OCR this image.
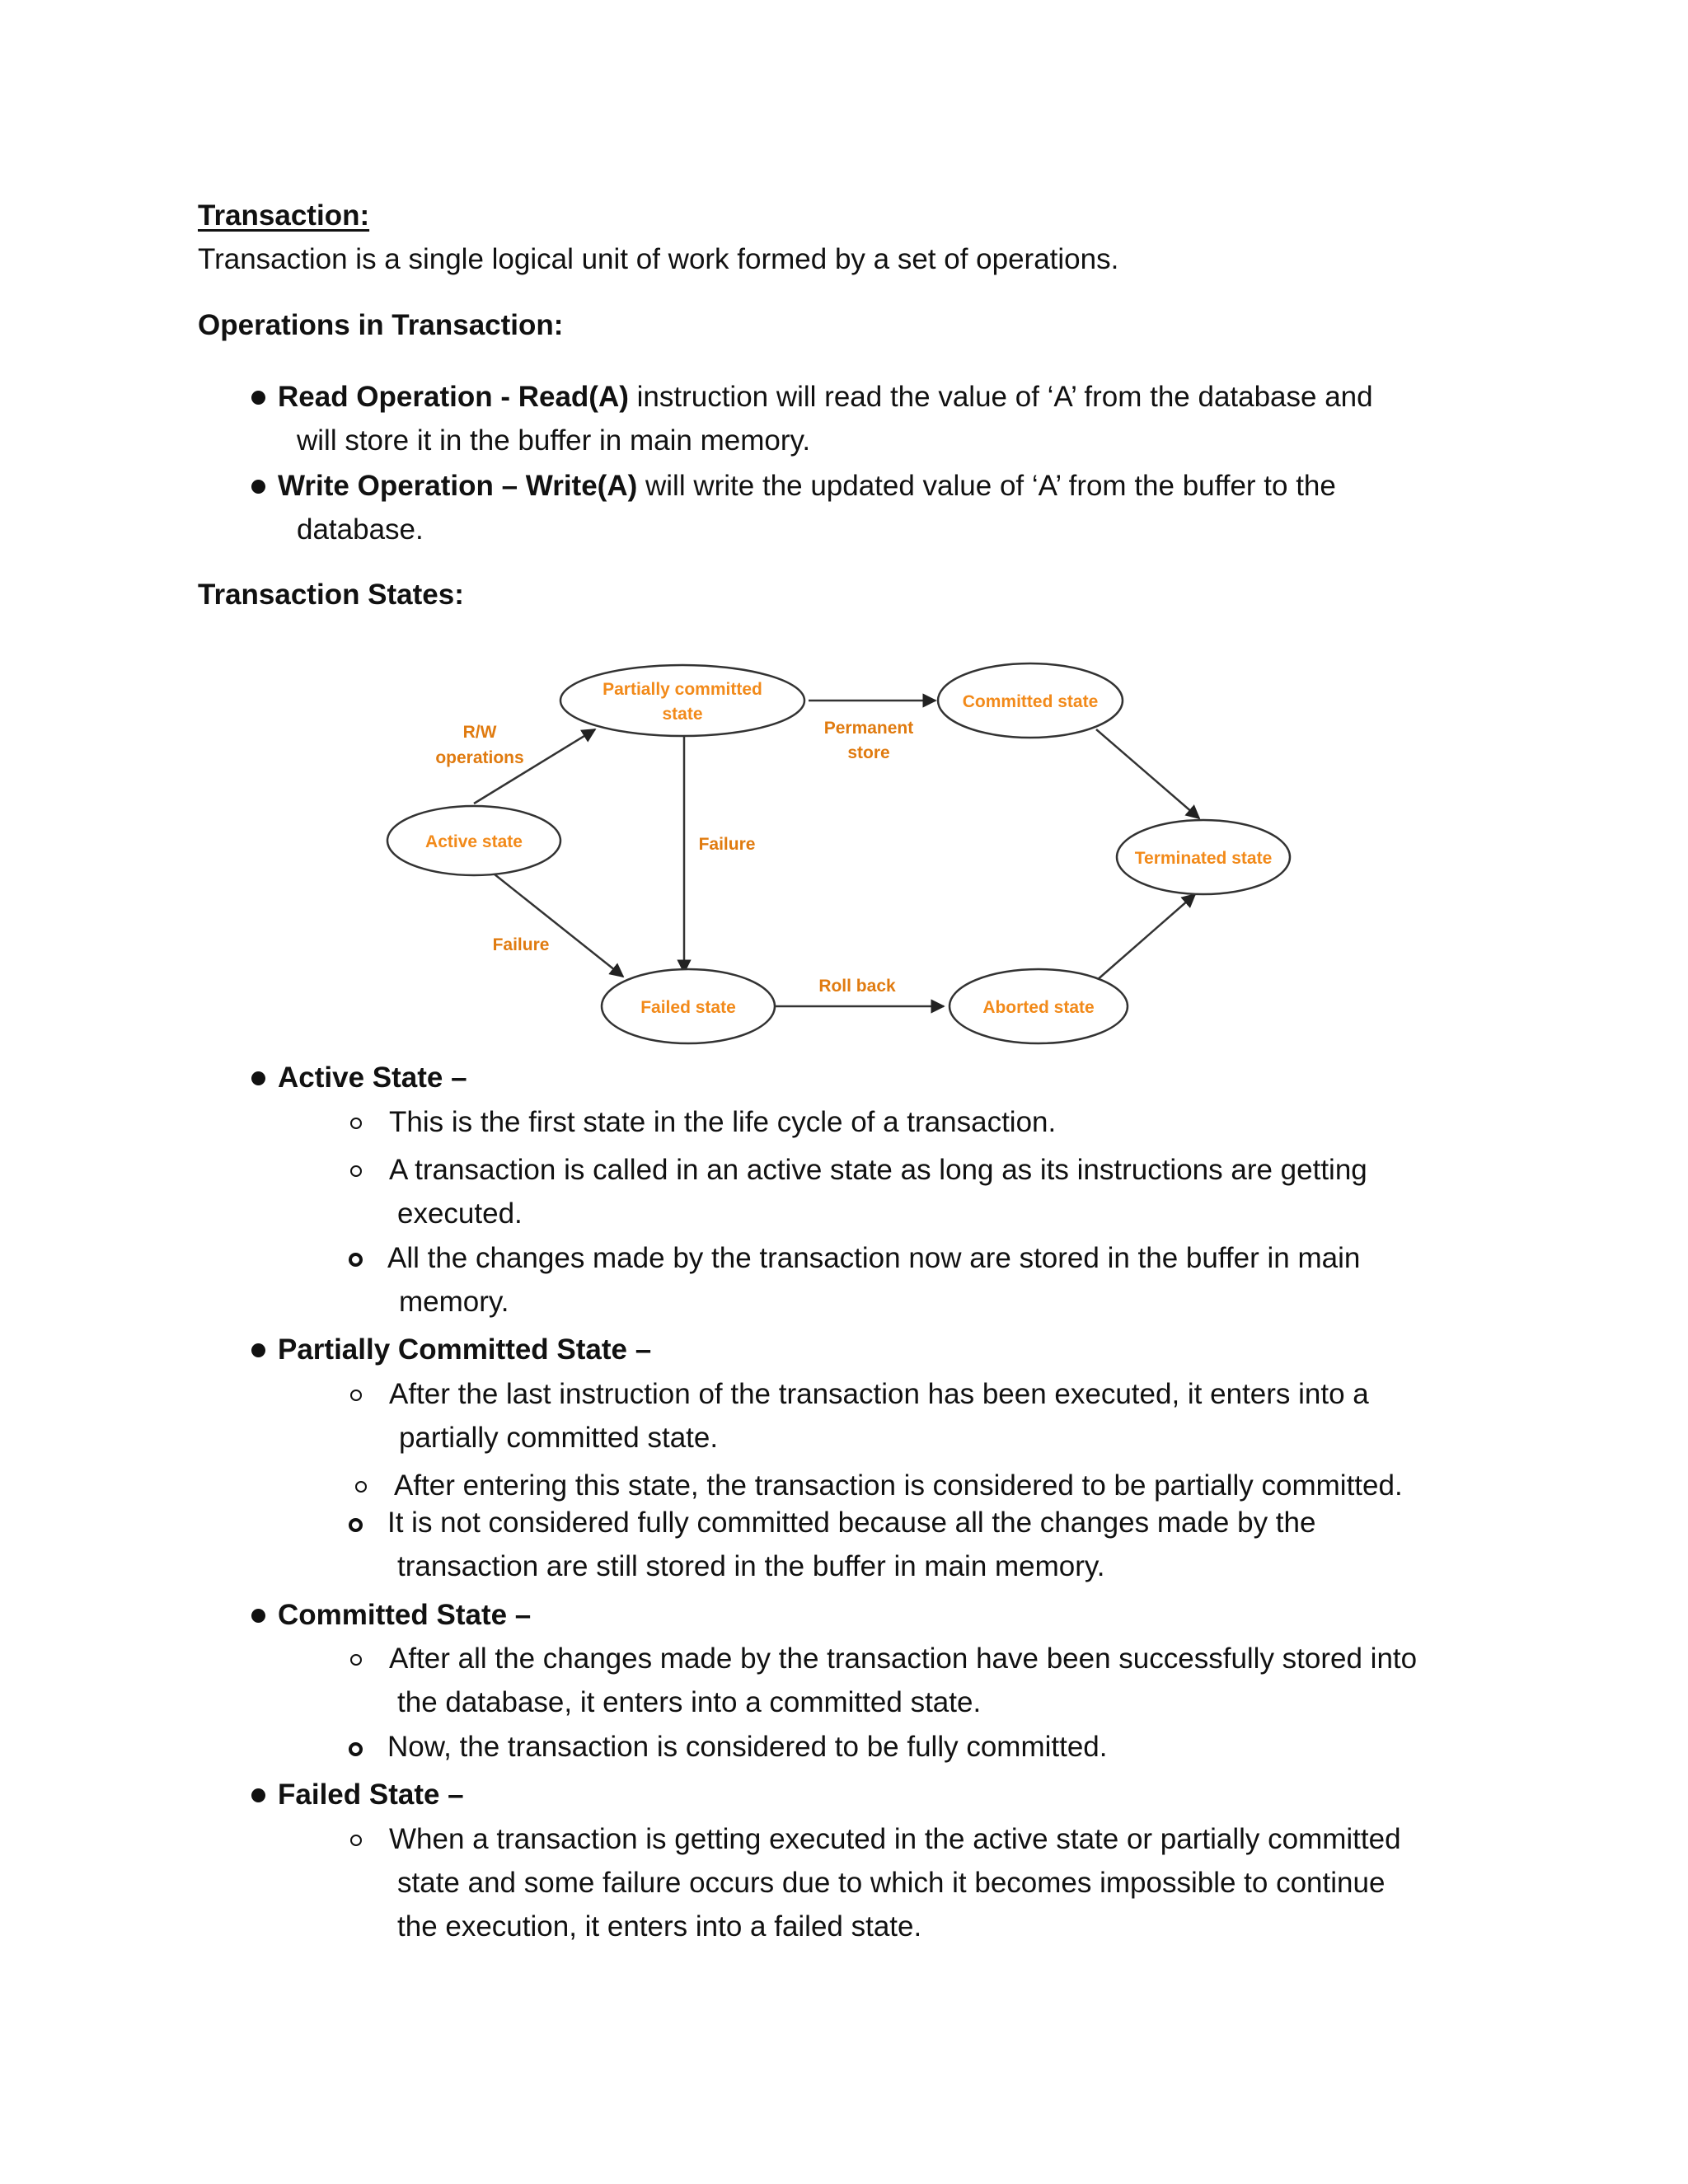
Transaction:
Transaction is a single logical unit of work formed by a set of operations.
Operations in Transaction:
Read Operation - Read(A) instruction will read the value of ‘A’ from the database and
will store it in the buffer in main memory.
Write Operation – Write(A) will write the updated value of ‘A’ from the buffer to the
database.
Transaction States:
Active state
Partially committed
state
Committed state
Terminated state
Failed state	Aborted state
R/W
operations
Permanent
store
Failure
Failure
Roll back
Active State –
This is the first state in the life cycle of a transaction.
A transaction is called in an active state as long as its instructions are getting
executed.
All the changes made by the transaction now are stored in the buffer in main
memory.
Partially Committed State –
After the last instruction of the transaction has been executed, it enters into a
partially committed state.
After entering this state, the transaction is considered to be partially committed.
It is not considered fully committed because all the changes made by the
transaction are still stored in the buffer in main memory.
Committed State –
After all the changes made by the transaction have been successfully stored into
the database, it enters into a committed state.
Now, the transaction is considered to be fully committed.
Failed State –
When a transaction is getting executed in the active state or partially committed
state and some failure occurs due to which it becomes impossible to continue
the execution, it enters into a failed state.
